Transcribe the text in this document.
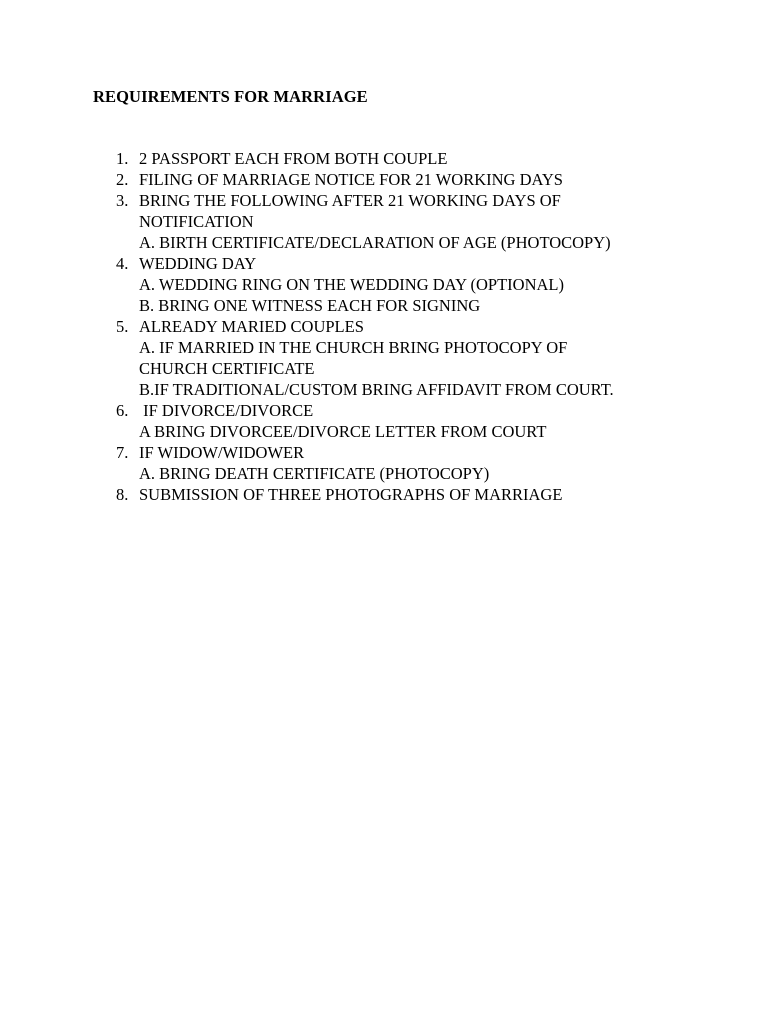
REQUIREMENTS FOR MARRIAGE
1. 2 PASSPORT EACH FROM BOTH COUPLE
2. FILING OF MARRIAGE NOTICE FOR 21 WORKING DAYS
3. BRING THE FOLLOWING AFTER 21 WORKING DAYS OF
NOTIFICATION
A. BIRTH CERTIFICATE/DECLARATION OF AGE (PHOTOCOPY)
4. WEDDING DAY
A. WEDDING RING ON THE WEDDING DAY (OPTIONAL)
B. BRING ONE WITNESS EACH FOR SIGNING
5. ALREADY MARIED COUPLES
A. IF MARRIED IN THE CHURCH BRING PHOTOCOPY OF
CHURCH CERTIFICATE
B.IF TRADITIONAL/CUSTOM BRING AFFIDAVIT FROM COURT.
6. IF DIVORCE/DIVORCE
A BRING DIVORCEE/DIVORCE LETTER FROM COURT
7. IF WIDOW/WIDOWER
A. BRING DEATH CERTIFICATE (PHOTOCOPY)
8. SUBMISSION OF THREE PHOTOGRAPHS OF MARRIAGE
